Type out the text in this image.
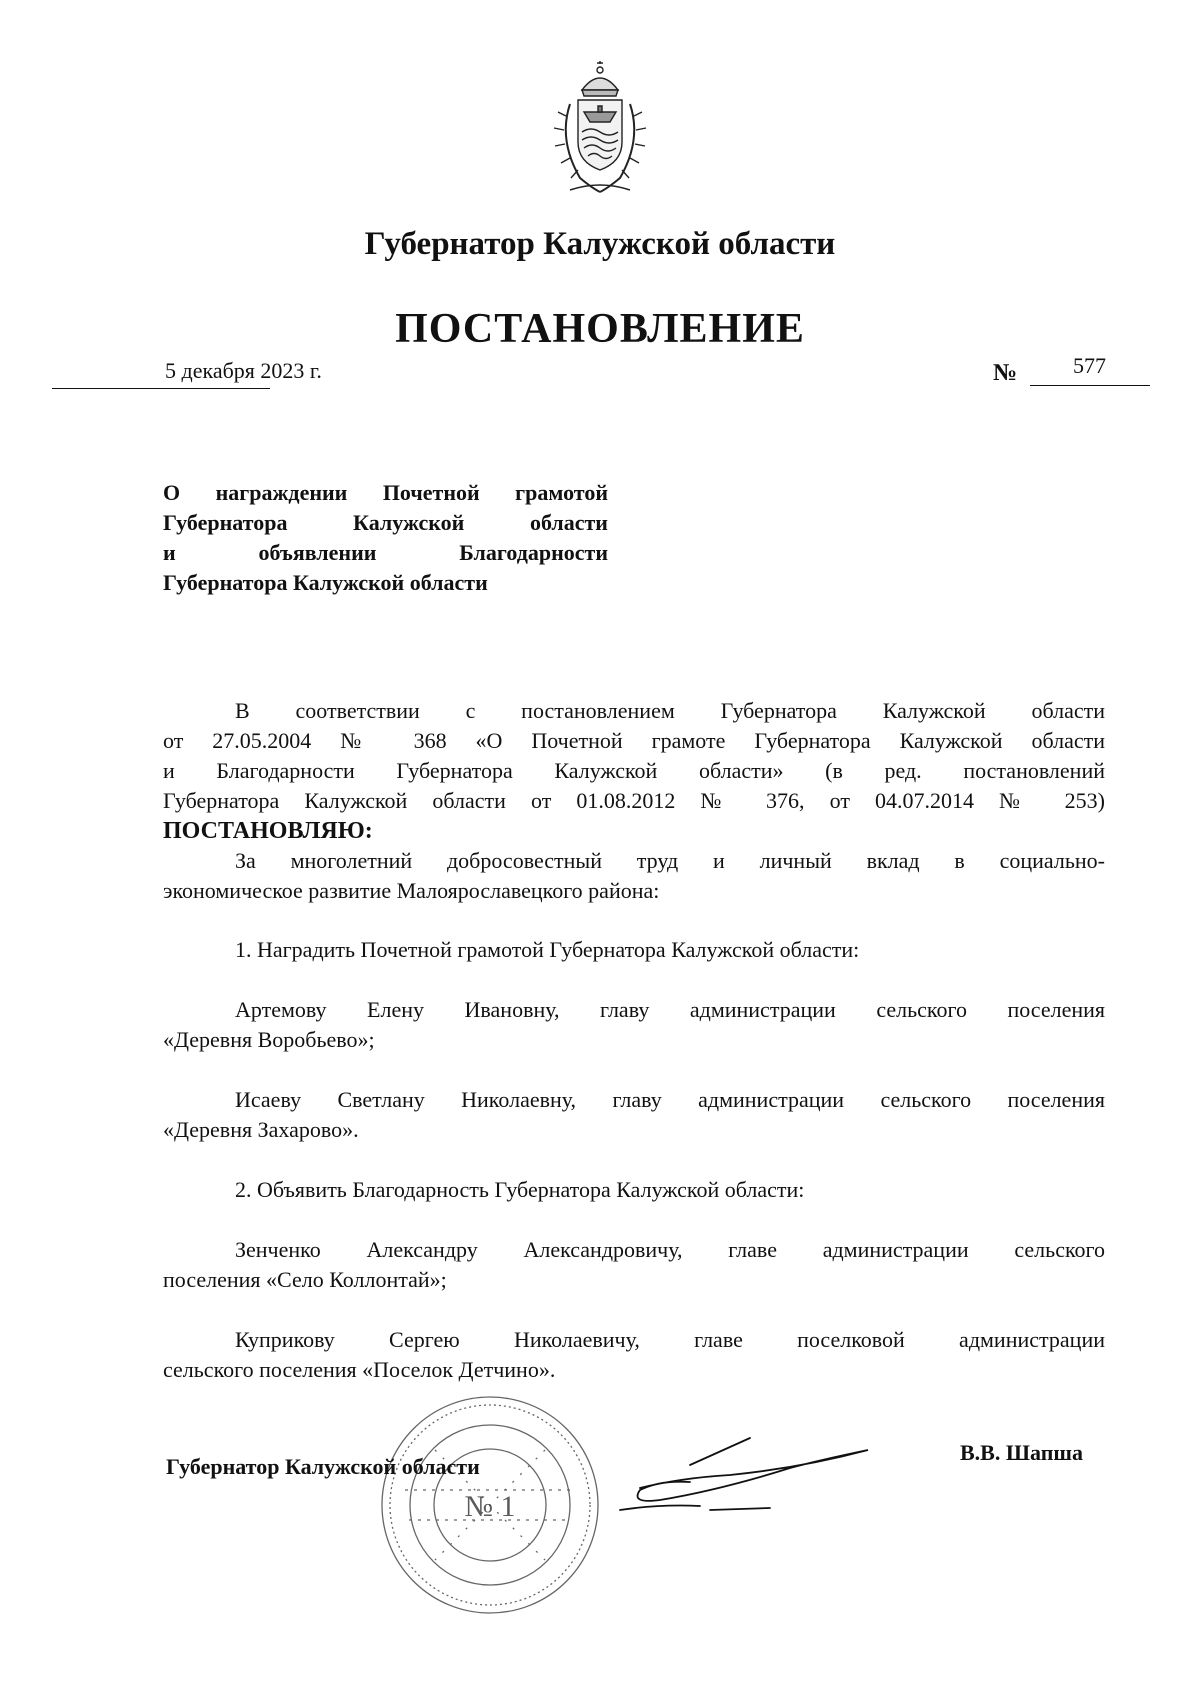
Губернатор Калужской области
ПОСТАНОВЛЕНИЕ
5 декабря 2023 г.	№	577
О награждении Почетной грамотой
Губернатора Калужской области
и объявлении Благодарности
Губернатора Калужской области
В соответствии с постановлением Губернатора Калужской области
от 27.05.2004 № 368 «О Почетной грамоте Губернатора Калужской области
и Благодарности Губернатора Калужской области» (в ред. постановлений
Губернатора Калужской области от 01.08.2012 № 376, от 04.07.2014 № 253)
ПОСТАНОВЛЯЮ:
За многолетний добросовестный труд и личный вклад в социально-
экономическое развитие Малоярославецкого района:
1. Наградить Почетной грамотой Губернатора Калужской области:
Артемову Елену Ивановну, главу администрации сельского поселения
«Деревня Воробьево»;
Исаеву Светлану Николаевну, главу администрации сельского поселения
«Деревня Захарово».
2. Объявить Благодарность Губернатора Калужской области:
Зенченко Александру Александровичу, главе администрации сельского
поселения «Село Коллонтай»;
Куприкову Сергею Николаевичу, главе поселковой администрации
сельского поселения «Поселок Детчино».
№ 1
Губернатор Калужской области
В.В. Шапша
